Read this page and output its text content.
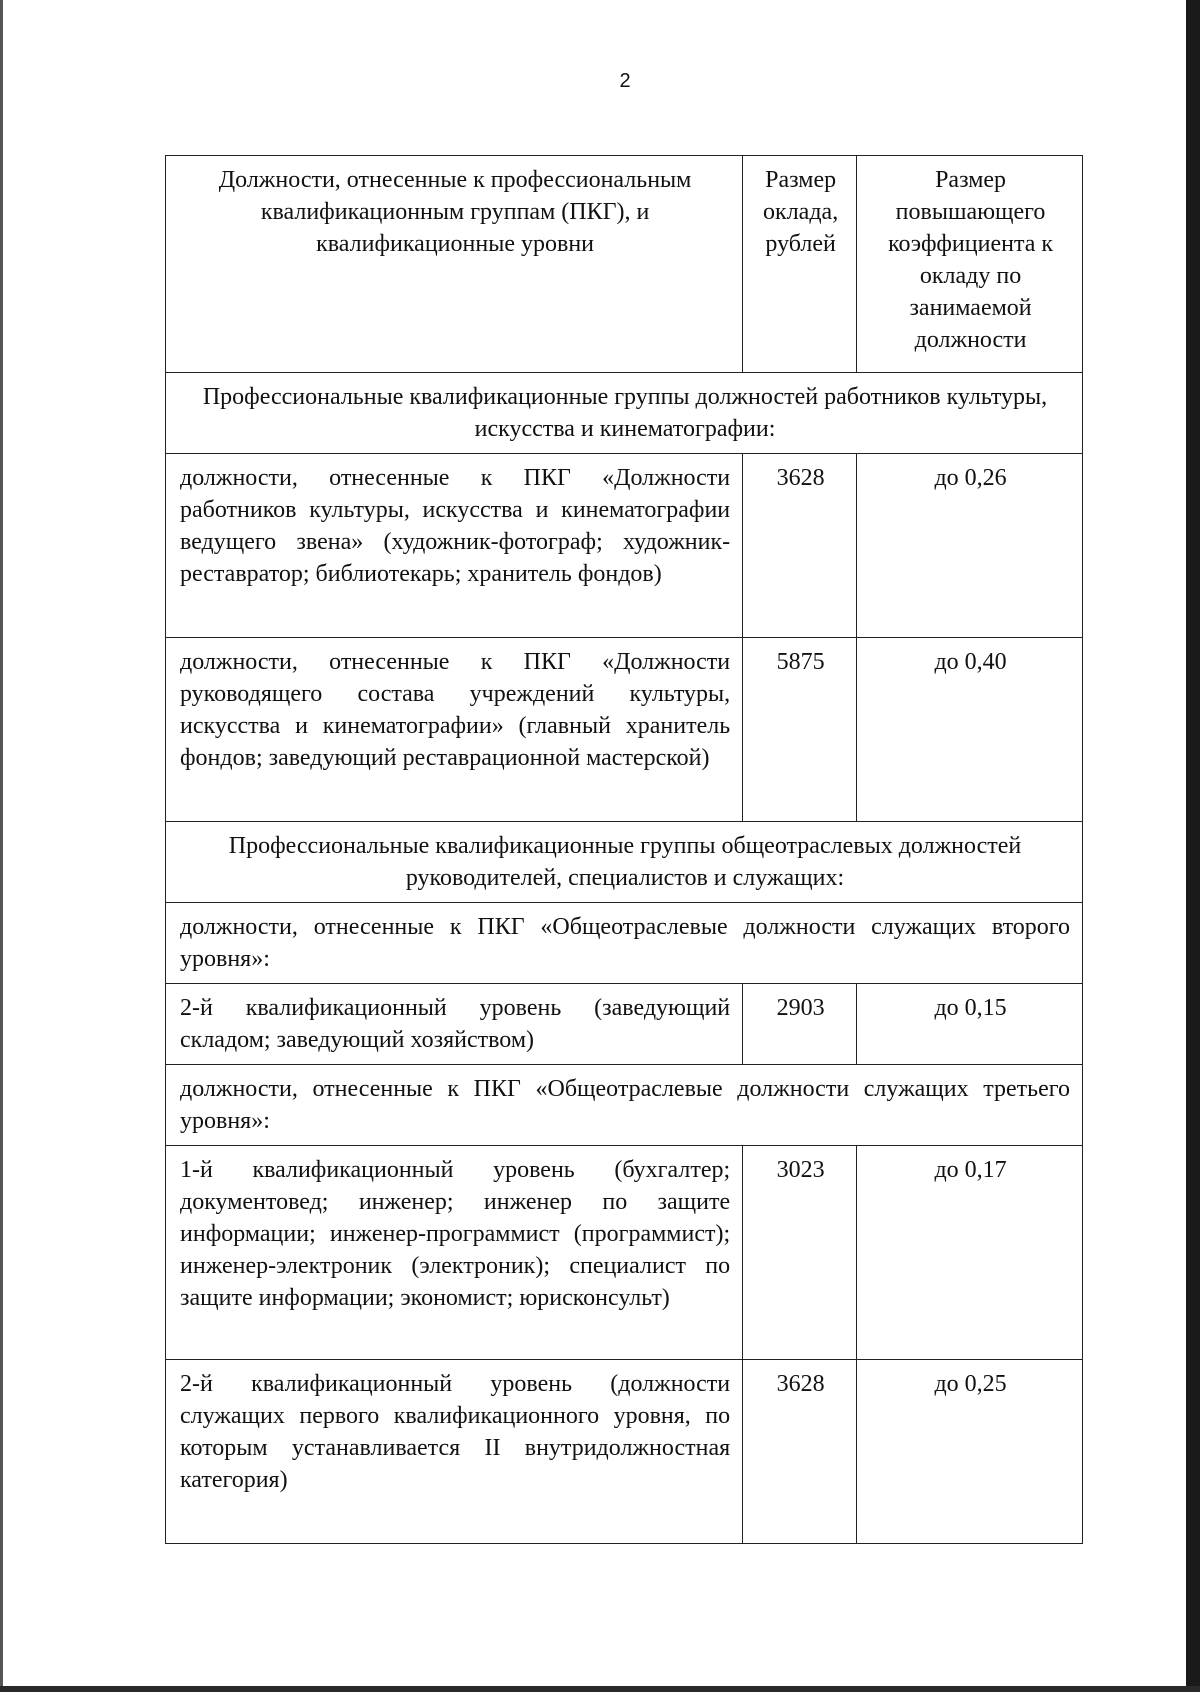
2
Должности, отнесенные к профессиональным квалификационным группам (ПКГ), и квалификационные уровни	Размер оклада, рублей	Размер повышающего коэффициента к окладу по занимаемой должности
Профессиональные квалификационные группы должностей работников культуры, искусства и кинематографии:		
должности, отнесенные к ПКГ «Должности работников культуры, искусства и кинематографии ведущего звена» (художник-фотограф; художник-реставратор; библиотекарь; хранитель фондов)	3628	до 0,26
должности, отнесенные к ПКГ «Должности руководящего состава учреждений культуры, искусства и кинематографии» (главный хранитель фондов; заведующий реставрационной мастерской)	5875	до 0,40
Профессиональные квалификационные группы общеотраслевых должностей руководителей, специалистов и служащих:		
должности, отнесенные к ПКГ «Общеотраслевые должности служащих второго уровня»:		
2-й квалификационный уровень (заведующий складом; заведующий хозяйством)	2903	до 0,15
должности, отнесенные к ПКГ «Общеотраслевые должности служащих третьего уровня»:		
1-й квалификационный уровень (бухгалтер; документовед; инженер; инженер по защите информации; инженер-программист (программист); инженер-электроник (электроник); специалист по защите информации; экономист; юрисконсульт)	3023	до 0,17
2-й квалификационный уровень (должности служащих первого квалификационного уровня, по которым устанавливается II внутридолжностная категория)	3628	до 0,25
